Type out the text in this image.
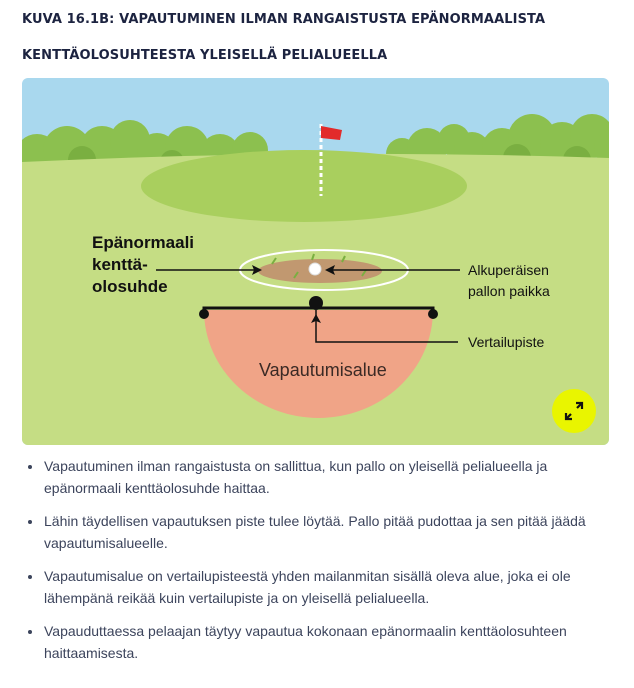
KUVA 16.1B: VAPAUTUMINEN ILMAN RANGAISTUSTA EPÄNORMAALISTA
KENTTÄOLOSUHTEESTA YLEISELLÄ PELIALUEELLA
Epänormaali
kenttä-
olosuhde
Alkuperäisen
pallon paikka
Vertailupiste
Vapautumisalue
Vapautuminen ilman rangaistusta on sallittua, kun pallo on yleisellä pelialueella ja epänormaali kenttäolosuhde haittaa.
Lähin täydellisen vapautuksen piste tulee löytää. Pallo pitää pudottaa ja sen pitää jäädä vapautumisalueelle.
Vapautumisalue on vertailupisteestä yhden mailanmitan sisällä oleva alue, joka ei ole lähempänä reikää kuin vertailupiste ja on yleisellä pelialueella.
Vapauduttaessa pelaajan täytyy vapautua kokonaan epänormaalin kenttäolosuhteen haittaamisesta.
